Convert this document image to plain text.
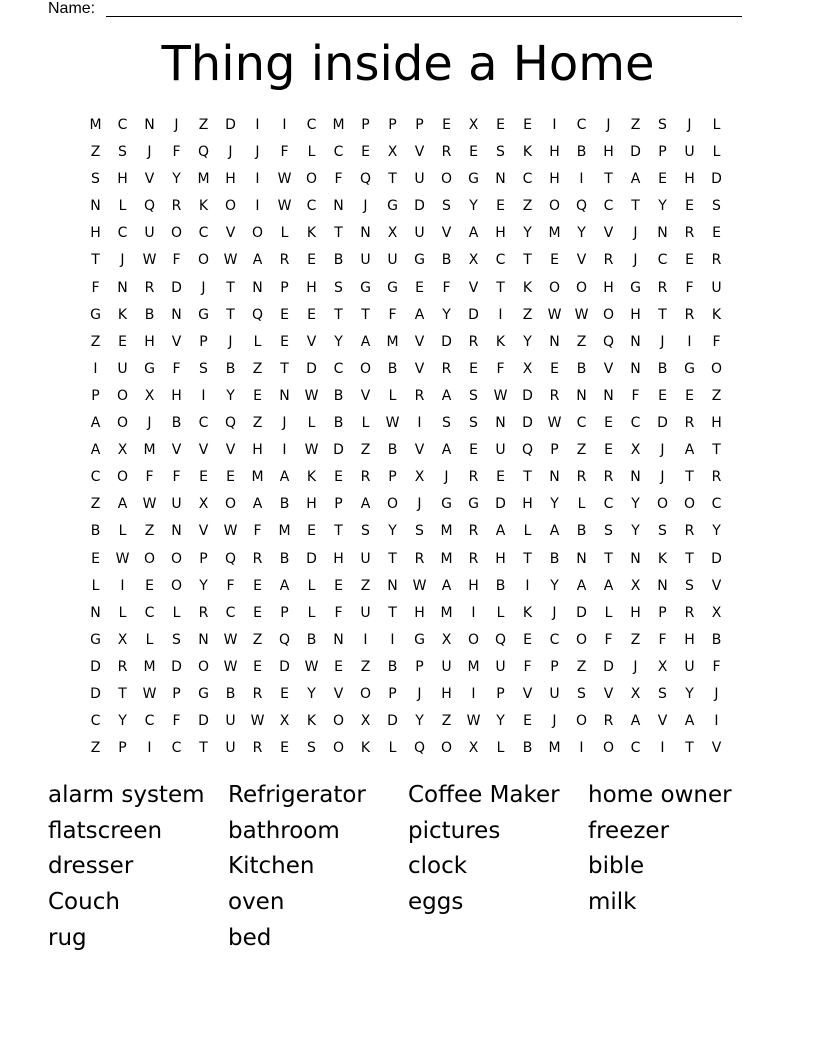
Name:
Thing inside a Home
M	C	N	J	Z	D	I	I	C	M	P	P	P	E	X	E	E	I	C	J	Z	S	J	L
Z	S	J	F	Q	J	J	F	L	C	E	X	V	R	E	S	K	H	B	H	D	P	U	L
S	H	V	Y	M	H	I	W	O	F	Q	T	U	O	G	N	C	H	I	T	A	E	H	D
N	L	Q	R	K	O	I	W	C	N	J	G	D	S	Y	E	Z	O	Q	C	T	Y	E	S
H	C	U	O	C	V	O	L	K	T	N	X	U	V	A	H	Y	M	Y	V	J	N	R	E
T	J	W	F	O	W	A	R	E	B	U	U	G	B	X	C	T	E	V	R	J	C	E	R
F	N	R	D	J	T	N	P	H	S	G	G	E	F	V	T	K	O	O	H	G	R	F	U
G	K	B	N	G	T	Q	E	E	T	T	F	A	Y	D	I	Z	W W	O	H	T	R	K
Z	E	H	V	P	J	L	E	V	Y	A	M	V	D	R	K	Y	N	Z	Q	N	J	I	F
I	U	G	F	S	B	Z	T	D	C	O	B	V	R	E	F	X	E	B	V	N	B	G	O
P	O	X	H	I	Y	E	N	W	B	V	L	R	A	S	W	D	R	N	N	F	E	E	Z
A	O	J	B	C	Q	Z	J	L	B	L	W	I	S	S	N	D	W	C	E	C	D	R	H
A	X	M	V	V	V	H	I	W	D	Z	B	V	A	E	U	Q	P	Z	E	X	J	A	T
C	O	F	F	E	E	M	A	K	E	R	P	X	J	R	E	T	N	R	R	N	J	T	R
Z	A	W	U	X	O	A	B	H	P	A	O	J	G	G	D	H	Y	L	C	Y	O	O	C
B	L	Z	N	V	W	F	M	E	T	S	Y	S	M	R	A	L	A	B	S	Y	S	R	Y
E	W	O	O	P	Q	R	B	D	H	U	T	R	M	R	H	T	B	N	T	N	K	T	D
L	I	E	O	Y	F	E	A	L	E	Z	N	W	A	H	B	I	Y	A	A	X	N	S	V
N	L	C	L	R	C	E	P	L	F	U	T	H	M	I	L	K	J	D	L	H	P	R	X
G	X	L	S	N	W	Z	Q	B	N	I	I	G	X	O	Q	E	C	O	F	Z	F	H	B
D	R	M	D	O	W	E	D	W	E	Z	B	P	U	M	U	F	P	Z	D	J	X	U	F
D	T	W	P	G	B	R	E	Y	V	O	P	J	H	I	P	V	U	S	V	X	S	Y	J
C	Y	C	F	D	U	W	X	K	O	X	D	Y	Z	W	Y	E	J	O	R	A	V	A	I
Z	P	I	C	T	U	R	E	S	O	K	L	Q	O	X	L	B	M	I	O	C	I	T	V
alarm system	Refrigerator	Coffee Maker	home owner
flatscreen	bathroom	pictures	freezer
dresser	Kitchen	clock	bible
Couch	oven	eggs	milk
rug	bed
